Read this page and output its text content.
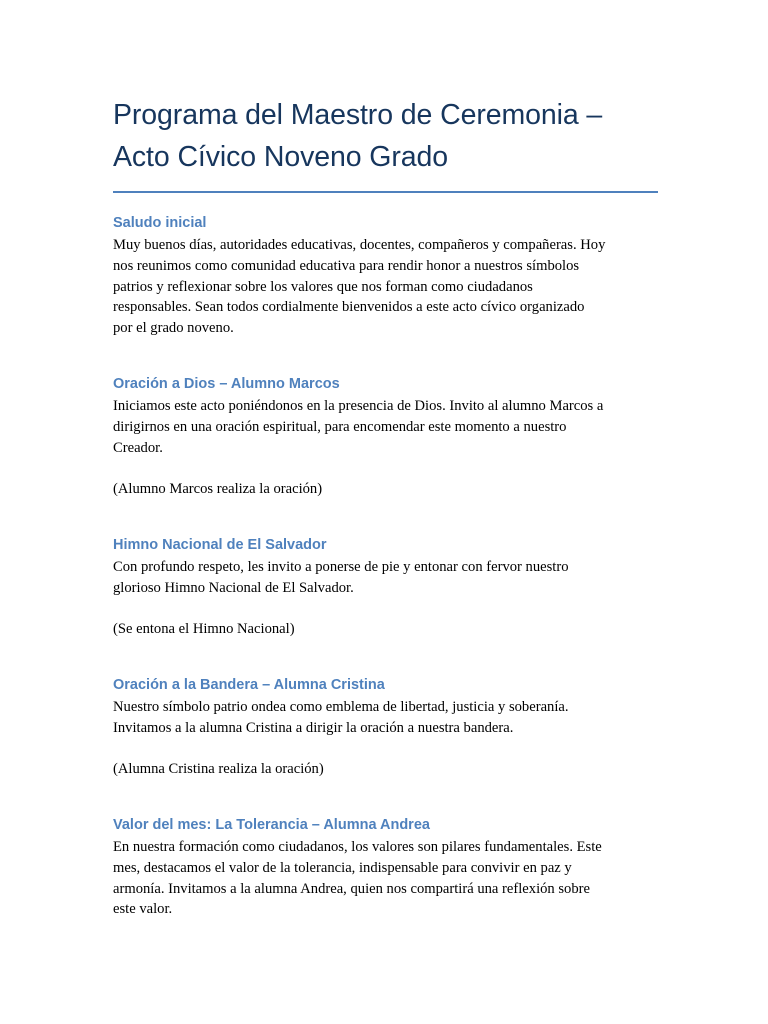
Programa del Maestro de Ceremonia –
Acto Cívico Noveno Grado
Saludo inicial

Muy buenos días, autoridades educativas, docentes, compañeros y compañeras. Hoy
nos reunimos como comunidad educativa para rendir honor a nuestros símbolos
patrios y reflexionar sobre los valores que nos forman como ciudadanos
responsables. Sean todos cordialmente bienvenidos a este acto cívico organizado
por el grado noveno.

Oración a Dios – Alumno Marcos

Iniciamos este acto poniéndonos en la presencia de Dios. Invito al alumno Marcos a
dirigirnos en una oración espiritual, para encomendar este momento a nuestro
Creador.

(Alumno Marcos realiza la oración)

Himno Nacional de El Salvador

Con profundo respeto, les invito a ponerse de pie y entonar con fervor nuestro
glorioso Himno Nacional de El Salvador.

(Se entona el Himno Nacional)

Oración a la Bandera – Alumna Cristina

Nuestro símbolo patrio ondea como emblema de libertad, justicia y soberanía.
Invitamos a la alumna Cristina a dirigir la oración a nuestra bandera.

(Alumna Cristina realiza la oración)

Valor del mes: La Tolerancia – Alumna Andrea

En nuestra formación como ciudadanos, los valores son pilares fundamentales. Este
mes, destacamos el valor de la tolerancia, indispensable para convivir en paz y
armonía. Invitamos a la alumna Andrea, quien nos compartirá una reflexión sobre
este valor.
